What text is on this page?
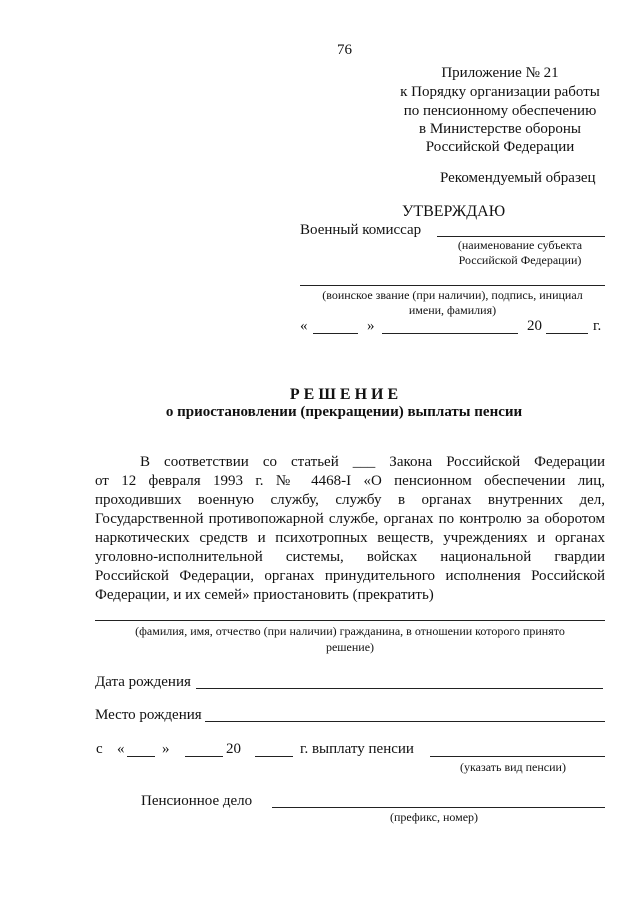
76
Приложение № 21
к Порядку организации работы
по пенсионному обеспечению
в Министерстве обороны
Российской Федерации
Рекомендуемый образец
УТВЕРЖДАЮ
Военный комиссар
(наименование субъекта
Российской Федерации)
(воинское звание (при наличии), подпись, инициал
имени, фамилия)
«	»	20	г.
Р Е Ш Е Н И Е
о приостановлении (прекращении) выплаты пенсии
В соответствии со статьей ___ Закона Российской Федерации
от 12 февраля 1993 г. № 4468-I «О пенсионном обеспечении лиц,
проходивших военную службу, службу в органах внутренних дел,
Государственной противопожарной службе, органах по контролю за оборотом
наркотических средств и психотропных веществ, учреждениях и органах
уголовно-исполнительной системы, войсках национальной гвардии
Российской Федерации, органах принудительного исполнения Российской
Федерации, и их семей» приостановить (прекратить)
(фамилия, имя, отчество (при наличии) гражданина, в отношении которого принято
решение)
Дата рождения
Место рождения
с «	»	20	г. выплату пенсии
(указать вид пенсии)
Пенсионное дело
(префикс, номер)
